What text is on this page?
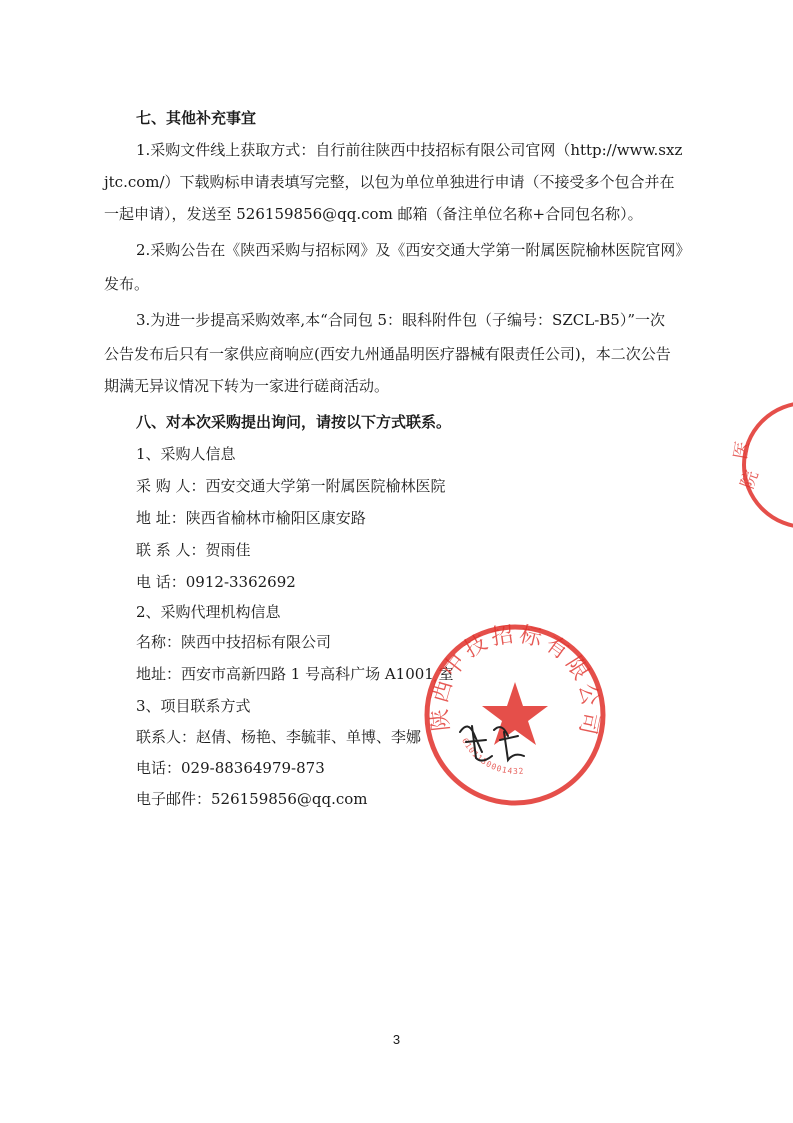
七、其他补充事宜
1.采购文件线上获取方式：自行前往陕西中技招标有限公司官网（http://www.sxz
jtc.com/）下载购标申请表填写完整，以包为单位单独进行申请（不接受多个包合并在
一起申请），发送至 526159856@qq.com 邮箱（备注单位名称+合同包名称）。
2.采购公告在《陕西采购与招标网》及《西安交通大学第一附属医院榆林医院官网》
发布。
3.为进一步提高采购效率,本“合同包 5：眼科附件包（子编号：SZCL-B5）”一次
公告发布后只有一家供应商响应(西安九州通晶明医疗器械有限责任公司)，本二次公告
期满无异议情况下转为一家进行磋商活动。
八、对本次采购提出询问，请按以下方式联系。
1、采购人信息
采 购 人：西安交通大学第一附属医院榆林医院
地 址：陕西省榆林市榆阳区康安路
联 系 人：贺雨佳
电 话：0912-3362692
2、采购代理机构信息
名称：陕西中技招标有限公司
地址：西安市高新四路 1 号高科广场 A1001 室
3、项目联系方式
联系人：赵倩、杨艳、李毓菲、单博、李娜
电话：029-88364979-873
电子邮件：526159856@qq.com
医
院
陕西中技招标有限公司
6101130001432
3
